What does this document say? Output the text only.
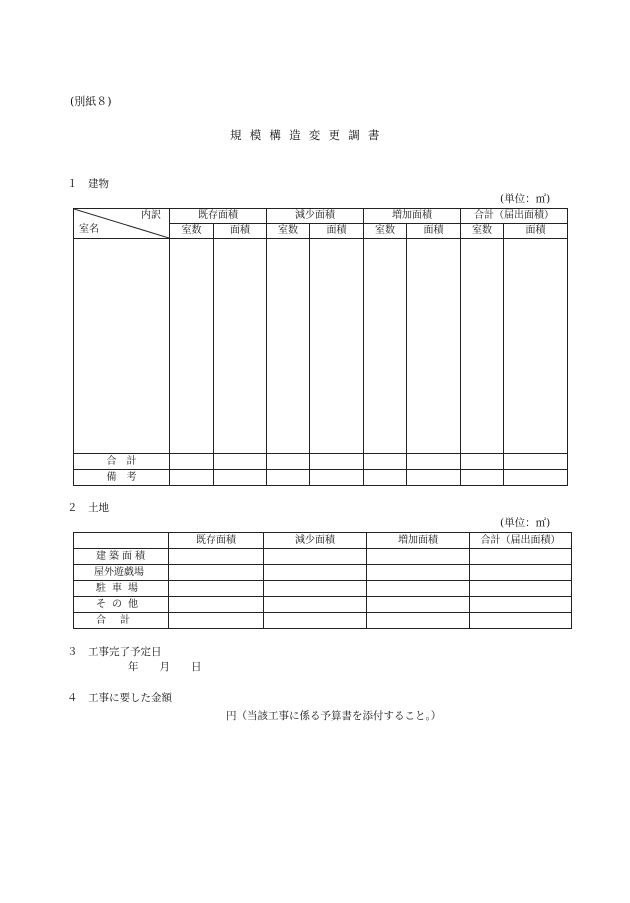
(別紙８)
規模構造変更調書
１　建物
(単位：㎡)
内訳
室名	既存面積		減少面積		増加面積		合計（届出面積）	
	室数	面積	室数	面積	室数	面積	室数	面積

合　計								
備　考								
２　土地
(単位：㎡)
	既存面積	減少面積	増加面積	合計（届出面積）
建築面積				
屋外遊戯場				
駐車場				
その他				
合計				
３　工事完了予定日
年　　月　　日
４　工事に要した金額
円（当該工事に係る予算書を添付すること。）
